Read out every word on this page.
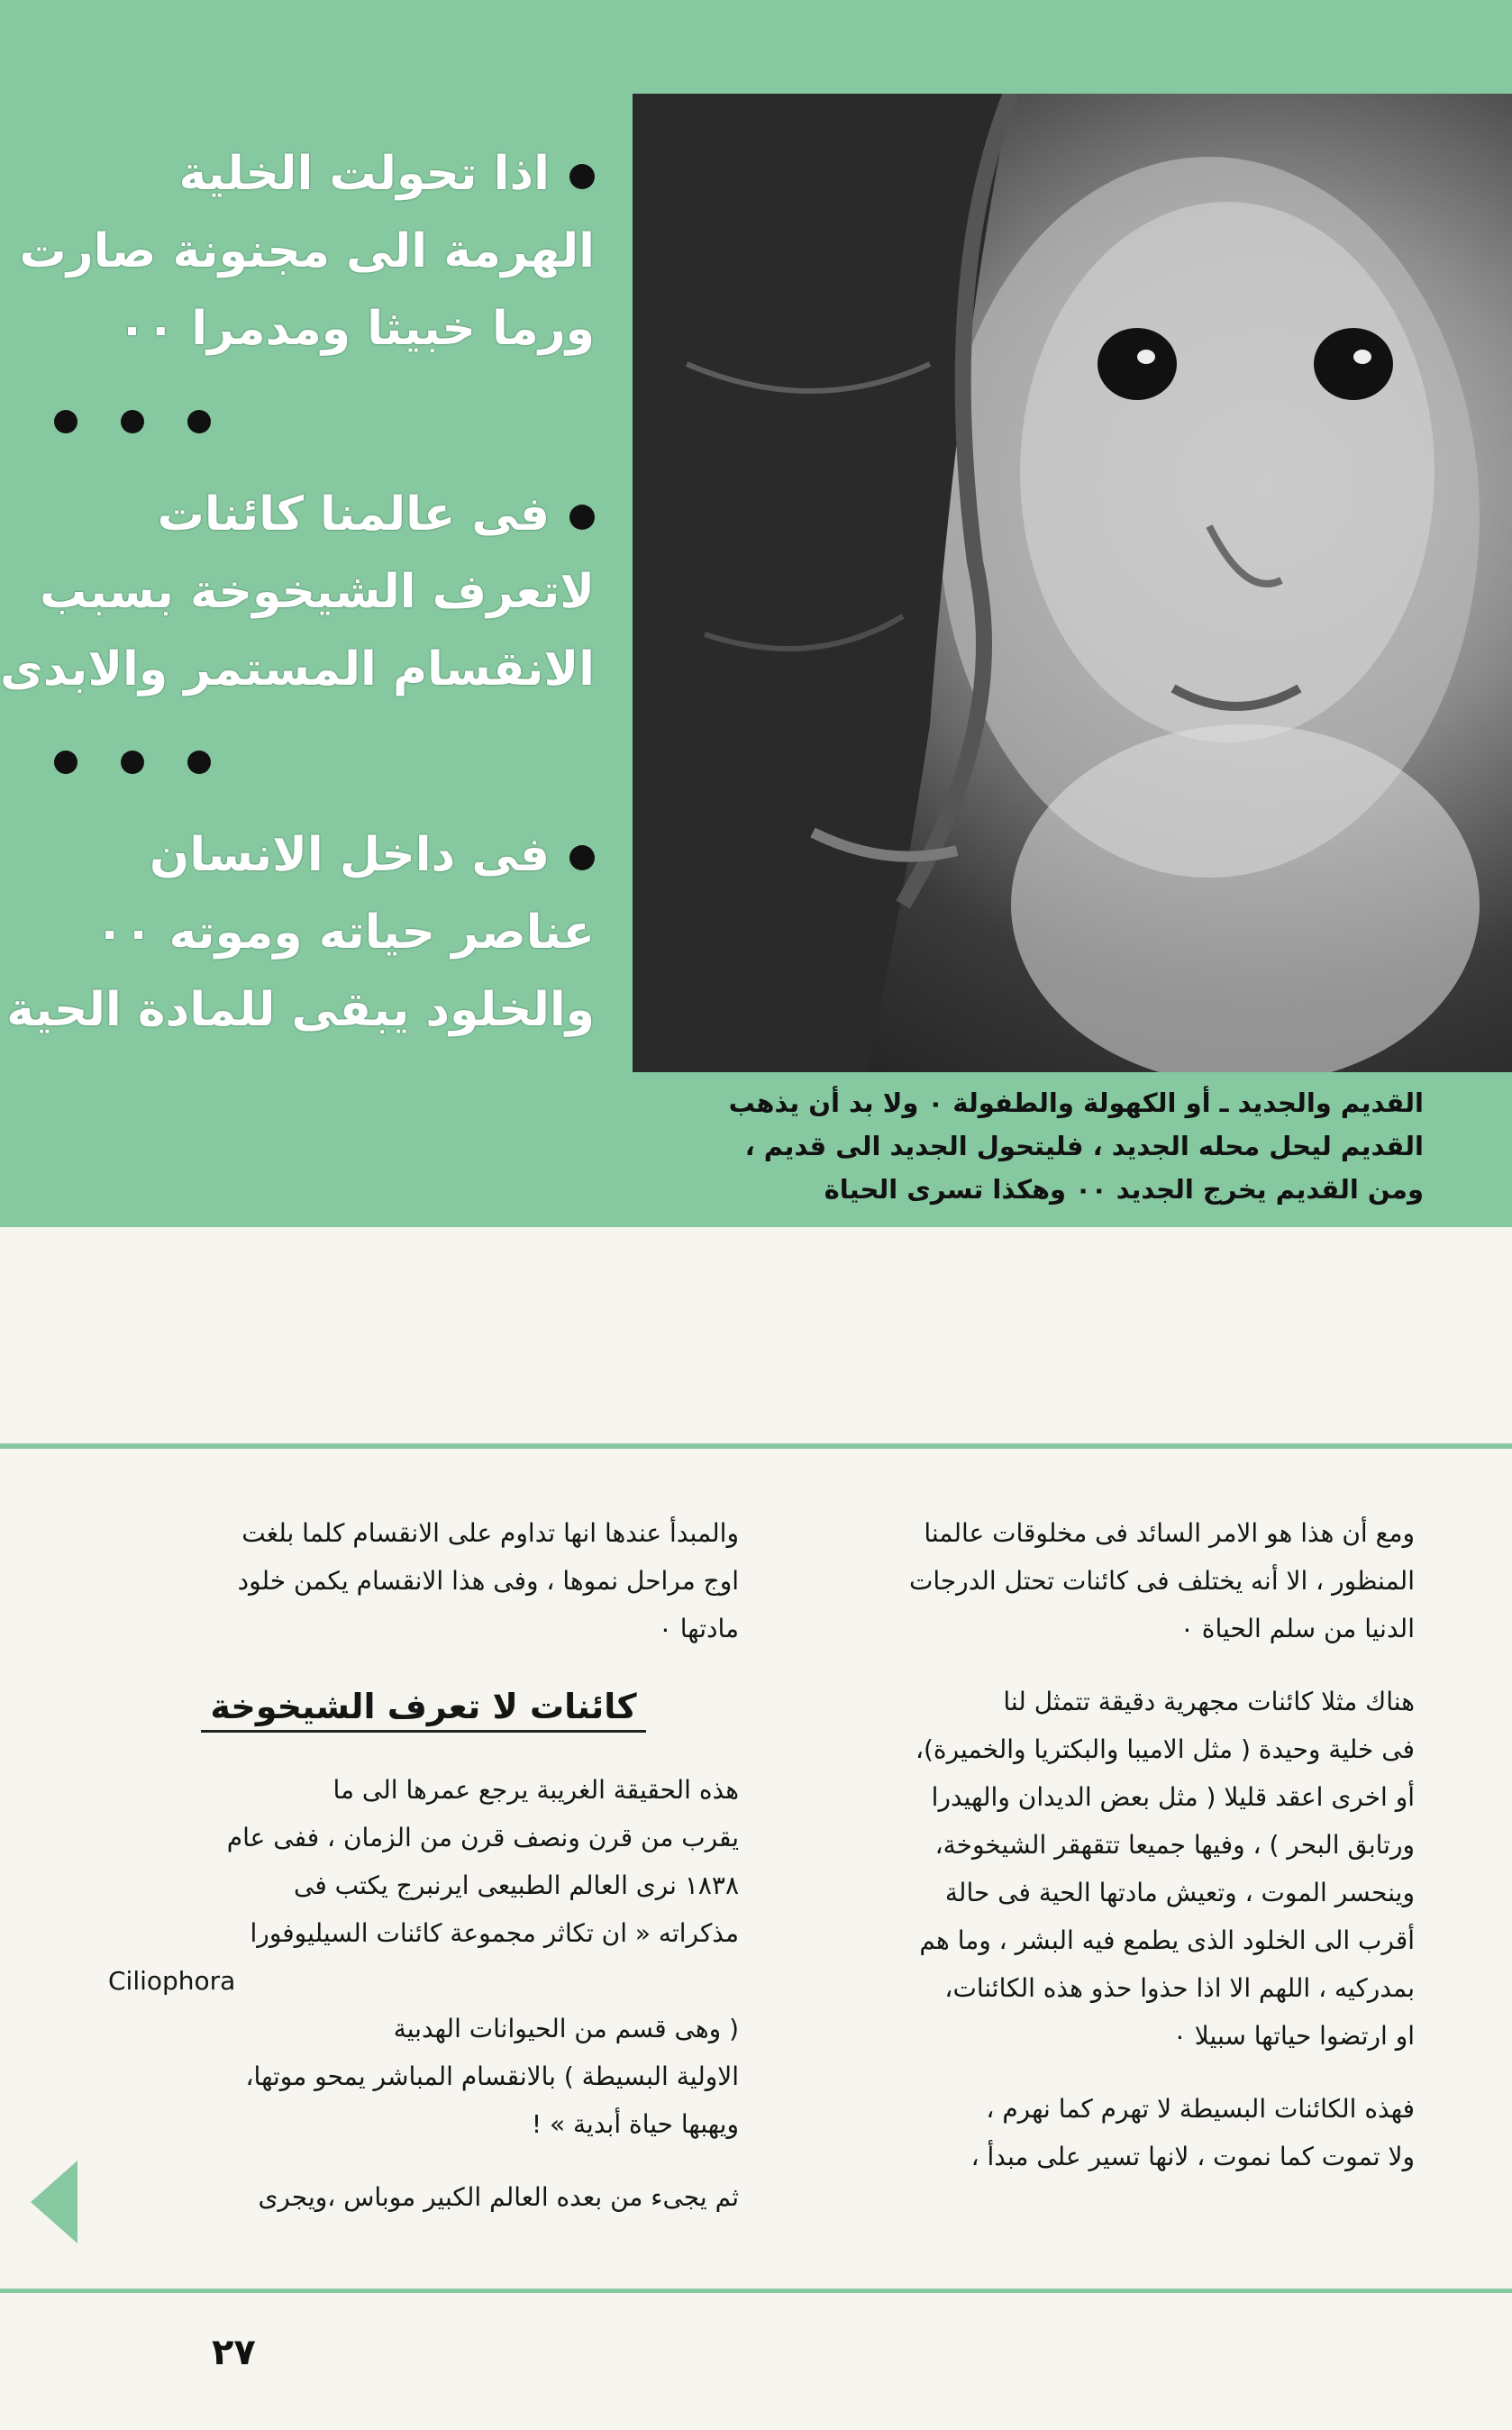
اذا تحولت الخلية
الهرمة الى مجنونة صارت
ورما خبيثا ومدمرا ٠٠
فى عالمنا كائنات
لاتعرف الشيخوخة بسبب
الانقسام المستمر والابدى
فى داخل الانسان
عناصر حياته وموته ٠٠
والخلود يبقى للمادة الحية
القديم والجديد ـ أو الكهولة والطفولة ٠ ولا بد أن يذهب
القديم ليحل محله الجديد ، فليتحول الجديد الى قديم ،
ومن القديم يخرج الجديد ٠٠ وهكذا تسرى الحياة
ومع أن هذا هو الامر السائد فى مخلوقات عالمنا
المنظور ، الا أنه يختلف فى كائنات تحتل الدرجات
الدنيا من سلم الحياة ٠
هناك مثلا كائنات مجهرية دقيقة تتمثل لنا
فى خلية وحيدة ( مثل الاميبا والبكتريا والخميرة)،
أو اخرى اعقد قليلا ( مثل بعض الديدان والهيدرا
ورتابق البحر ) ، وفيها جميعا تتقهقر الشيخوخة،
وينحسر الموت ، وتعيش مادتها الحية فى حالة
أقرب الى الخلود الذى يطمع فيه البشر ، وما هم
بمدركيه ، اللهم الا اذا حذوا حذو هذه الكائنات،
او ارتضوا حياتها سبيلا ٠
فهذه الكائنات البسيطة لا تهرم كما نهرم ،
ولا تموت كما نموت ، لانها تسير على مبدأ ،
والمبدأ عندها انها تداوم على الانقسام كلما بلغت
اوج مراحل نموها ، وفى هذا الانقسام يكمن خلود
مادتها ٠
كائنات لا تعرف الشيخوخة
هذه الحقيقة الغريبة يرجع عمرها الى ما
يقرب من قرن ونصف قرن من الزمان ، ففى عام
١٨٣٨ نرى العالم الطبيعى ايرنبرج يكتب فى
مذكراته « ان تكاثر مجموعة كائنات السيليوفورا
Ciliophora
( وهى قسم من الحيوانات الهدبية
الاولية البسيطة ) بالانقسام المباشر يمحو موتها،
ويهبها حياة أبدية » !
ثم يجىء من بعده العالم الكبير موباس ،ويجرى
٢٧
